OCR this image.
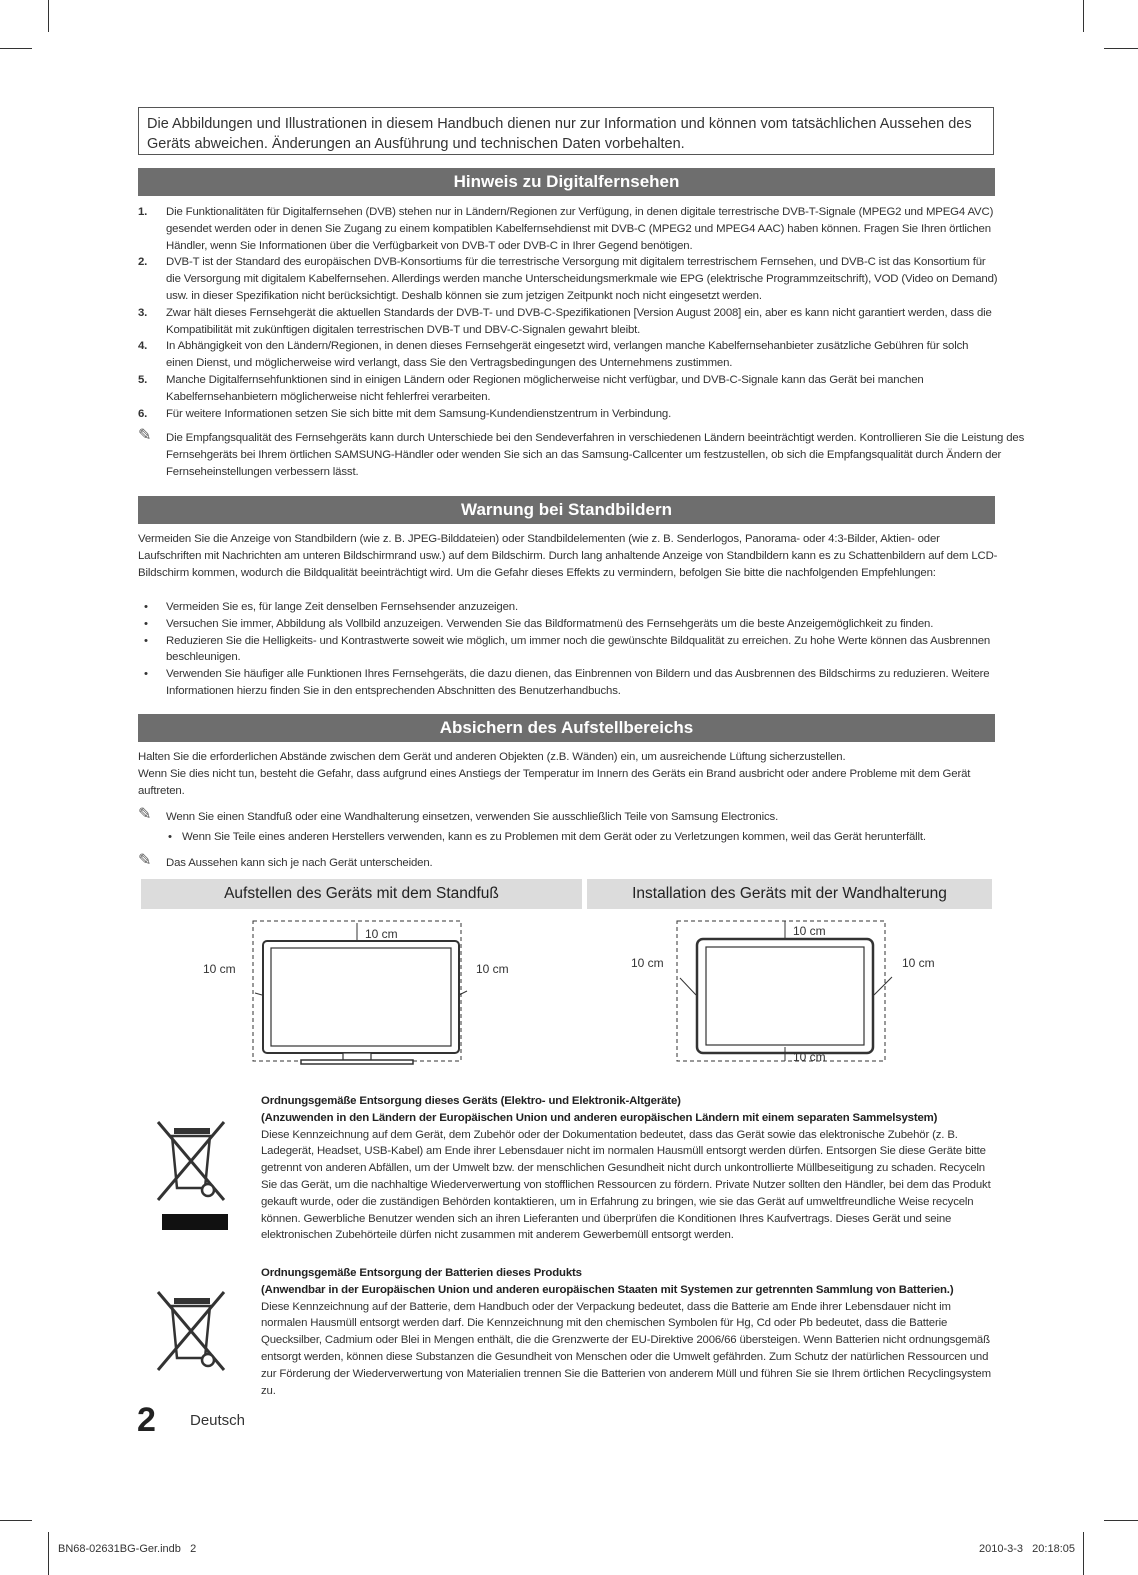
Die Abbildungen und Illustrationen in diesem Handbuch dienen nur zur Information und können vom tatsächlichen Aussehen des Geräts abweichen. Änderungen an Ausführung und technischen Daten vorbehalten.
Hinweis zu Digitalfernsehen
1. Die Funktionalitäten für Digitalfernsehen (DVB) stehen nur in Ländern/Regionen zur Verfügung, in denen digitale terrestrische DVB-T-Signale (MPEG2 und MPEG4 AVC) gesendet werden oder in denen Sie Zugang zu einem kompatiblen Kabelfernsehdienst mit DVB-C (MPEG2 und MPEG4 AAC) haben können. Fragen Sie Ihren örtlichen Händler, wenn Sie Informationen über die Verfügbarkeit von DVB-T oder DVB-C in Ihrer Gegend benötigen.
2. DVB-T ist der Standard des europäischen DVB-Konsortiums für die terrestrische Versorgung mit digitalem terrestrischem Fernsehen, und DVB-C ist das Konsortium für die Versorgung mit digitalem Kabelfernsehen. Allerdings werden manche Unterscheidungsmerkmale wie EPG (elektrische Programmzeitschrift), VOD (Video on Demand) usw. in dieser Spezifikation nicht berücksichtigt. Deshalb können sie zum jetzigen Zeitpunkt noch nicht eingesetzt werden.
3. Zwar hält dieses Fernsehgerät die aktuellen Standards der DVB-T- und DVB-C-Spezifikationen [Version August 2008] ein, aber es kann nicht garantiert werden, dass die Kompatibilität mit zukünftigen digitalen terrestrischen DVB-T und DBV-C-Signalen gewahrt bleibt.
4. In Abhängigkeit von den Ländern/Regionen, in denen dieses Fernsehgerät eingesetzt wird, verlangen manche Kabelfernsehanbieter zusätzliche Gebühren für solch einen Dienst, und möglicherweise wird verlangt, dass Sie den Vertragsbedingungen des Unternehmens zustimmen.
5. Manche Digitalfernsehfunktionen sind in einigen Ländern oder Regionen möglicherweise nicht verfügbar, und DVB-C-Signale kann das Gerät bei manchen Kabelfernsehanbietern möglicherweise nicht fehlerfrei verarbeiten.
6. Für weitere Informationen setzen Sie sich bitte mit dem Samsung-Kundendienstzentrum in Verbindung.
✎ Die Empfangsqualität des Fernsehgeräts kann durch Unterschiede bei den Sendeverfahren in verschiedenen Ländern beeinträchtigt werden. Kontrollieren Sie die Leistung des Fernsehgeräts bei Ihrem örtlichen SAMSUNG-Händler oder wenden Sie sich an das Samsung-Callcenter um festzustellen, ob sich die Empfangsqualität durch Ändern der Fernseheinstellungen verbessern lässt.
Warnung bei Standbildern
Vermeiden Sie die Anzeige von Standbildern (wie z. B. JPEG-Bilddateien) oder Standbildelementen (wie z. B. Senderlogos, Panorama- oder 4:3-Bilder, Aktien- oder Laufschriften mit Nachrichten am unteren Bildschirmrand usw.) auf dem Bildschirm. Durch lang anhaltende Anzeige von Standbildern kann es zu Schattenbildern auf dem LCD-Bildschirm kommen, wodurch die Bildqualität beeinträchtigt wird. Um die Gefahr dieses Effekts zu vermindern, befolgen Sie bitte die nachfolgenden Empfehlungen:
• Vermeiden Sie es, für lange Zeit denselben Fernsehsender anzuzeigen.
• Versuchen Sie immer, Abbildung als Vollbild anzuzeigen. Verwenden Sie das Bildformatmenü des Fernsehgeräts um die beste Anzeigemöglichkeit zu finden.
• Reduzieren Sie die Helligkeits- und Kontrastwerte soweit wie möglich, um immer noch die gewünschte Bildqualität zu erreichen. Zu hohe Werte können das Ausbrennen beschleunigen.
• Verwenden Sie häufiger alle Funktionen Ihres Fernsehgeräts, die dazu dienen, das Einbrennen von Bildern und das Ausbrennen des Bildschirms zu reduzieren. Weitere Informationen hierzu finden Sie in den entsprechenden Abschnitten des Benutzerhandbuchs.
Absichern des Aufstellbereichs
Halten Sie die erforderlichen Abstände zwischen dem Gerät und anderen Objekten (z.B. Wänden) ein, um ausreichende Lüftung sicherzustellen.
Wenn Sie dies nicht tun, besteht die Gefahr, dass aufgrund eines Anstiegs der Temperatur im Innern des Geräts ein Brand ausbricht oder andere Probleme mit dem Gerät auftreten.
✎ Wenn Sie einen Standfuß oder eine Wandhalterung einsetzen, verwenden Sie ausschließlich Teile von Samsung Electronics.
• Wenn Sie Teile eines anderen Herstellers verwenden, kann es zu Problemen mit dem Gerät oder zu Verletzungen kommen, weil das Gerät herunterfällt.
✎ Das Aussehen kann sich je nach Gerät unterscheiden.
Aufstellen des Geräts mit dem Standfuß	Installation des Geräts mit der Wandhalterung
10 cm
10 cm	10 cm
10 cm
10 cm
10 cm	10 cm
Ordnungsgemäße Entsorgung dieses Geräts (Elektro- und Elektronik-Altgeräte)
(Anzuwenden in den Ländern der Europäischen Union und anderen europäischen Ländern mit einem separaten Sammelsystem)
Diese Kennzeichnung auf dem Gerät, dem Zubehör oder der Dokumentation bedeutet, dass das Gerät sowie das elektronische Zubehör (z. B. Ladegerät, Headset, USB-Kabel) am Ende ihrer Lebensdauer nicht im normalen Hausmüll entsorgt werden dürfen. Entsorgen Sie diese Geräte bitte getrennt von anderen Abfällen, um der Umwelt bzw. der menschlichen Gesundheit nicht durch unkontrollierte Müllbeseitigung zu schaden. Recyceln Sie das Gerät, um die nachhaltige Wiederverwertung von stofflichen Ressourcen zu fördern. Private Nutzer sollten den Händler, bei dem das Produkt gekauft wurde, oder die zuständigen Behörden kontaktieren, um in Erfahrung zu bringen, wie sie das Gerät auf umweltfreundliche Weise recyceln können. Gewerbliche Benutzer wenden sich an ihren Lieferanten und überprüfen die Konditionen Ihres Kaufvertrags. Dieses Gerät und seine elektronischen Zubehörteile dürfen nicht zusammen mit anderem Gewerbemüll entsorgt werden.
Ordnungsgemäße Entsorgung der Batterien dieses Produkts
(Anwendbar in der Europäischen Union und anderen europäischen Staaten mit Systemen zur getrennten Sammlung von Batterien.)
Diese Kennzeichnung auf der Batterie, dem Handbuch oder der Verpackung bedeutet, dass die Batterie am Ende ihrer Lebensdauer nicht im normalen Hausmüll entsorgt werden darf. Die Kennzeichnung mit den chemischen Symbolen für Hg, Cd oder Pb bedeutet, dass die Batterie Quecksilber, Cadmium oder Blei in Mengen enthält, die die Grenzwerte der EU-Direktive 2006/66 übersteigen. Wenn Batterien nicht ordnungsgemäß entsorgt werden, können diese Substanzen die Gesundheit von Menschen oder die Umwelt gefährden. Zum Schutz der natürlichen Ressourcen und zur Förderung der Wiederverwertung von Materialien trennen Sie die Batterien von anderem Müll und führen Sie sie Ihrem örtlichen Recyclingsystem zu.
2 Deutsch
BN68-02631BG-Ger.indb   2	2010-3-3   20:18:05
